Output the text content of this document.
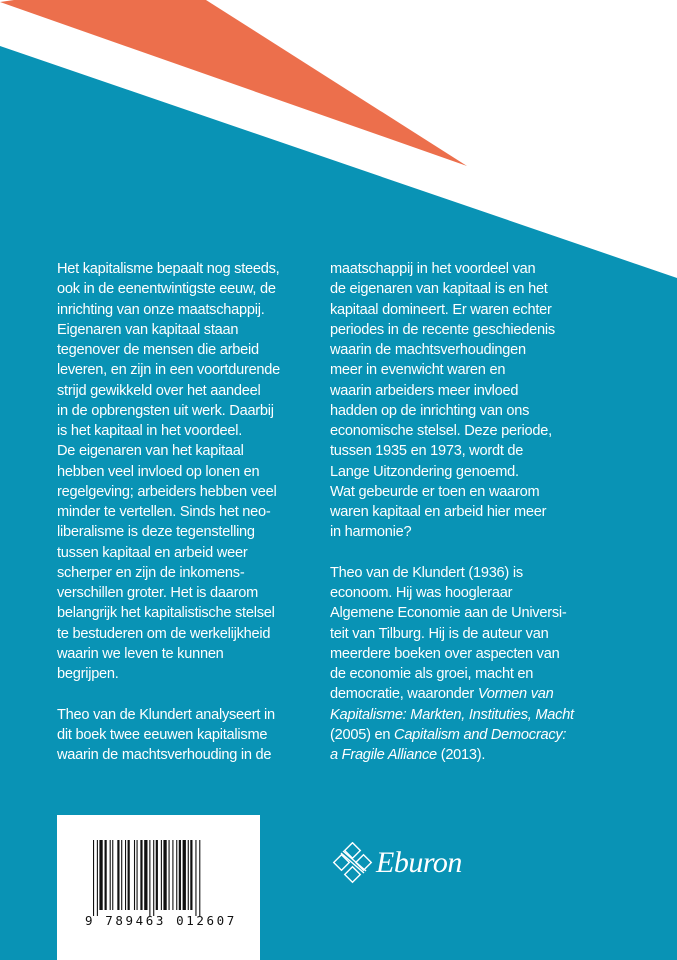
Het kapitalisme bepaalt nog steeds,
ook in de eenentwintigste eeuw, de
inrichting van onze maatschappij.
Eigenaren van kapitaal staan
tegenover de mensen die arbeid
leveren, en zijn in een voortdurende
strijd gewikkeld over het aandeel
in de opbrengsten uit werk. Daarbij
is het kapitaal in het voordeel.
De eigenaren van het kapitaal
hebben veel invloed op lonen en
regelgeving; arbeiders hebben veel
minder te vertellen. Sinds het neo-
liberalisme is deze tegenstelling
tussen kapitaal en arbeid weer
scherper en zijn de inkomens-
verschillen groter. Het is daarom
belangrijk het kapitalistische stelsel
te bestuderen om de werkelijkheid
waarin we leven te kunnen
begrijpen.
Theo van de Klundert analyseert in
dit boek twee eeuwen kapitalisme
waarin de machtsverhouding in de
maatschappij in het voordeel van
de eigenaren van kapitaal is en het
kapitaal domineert. Er waren echter
periodes in de recente geschiedenis
waarin de machtsverhoudingen
meer in evenwicht waren en
waarin arbeiders meer invloed
hadden op de inrichting van ons
economische stelsel. Deze periode,
tussen 1935 en 1973, wordt de
Lange Uitzondering genoemd.
Wat gebeurde er toen en waarom
waren kapitaal en arbeid hier meer
in harmonie?
Theo van de Klundert (1936) is
econoom. Hij was hoogleraar
Algemene Economie aan de Universi-
teit van Tilburg. Hij is de auteur van
meerdere boeken over aspecten van
de economie als groei, macht en
democratie, waaronder Vormen van
Kapitalisme: Markten, Instituties, Macht
(2005) en Capitalism and Democracy:
a Fragile Alliance (2013).
9 789463 012607
Eburon
